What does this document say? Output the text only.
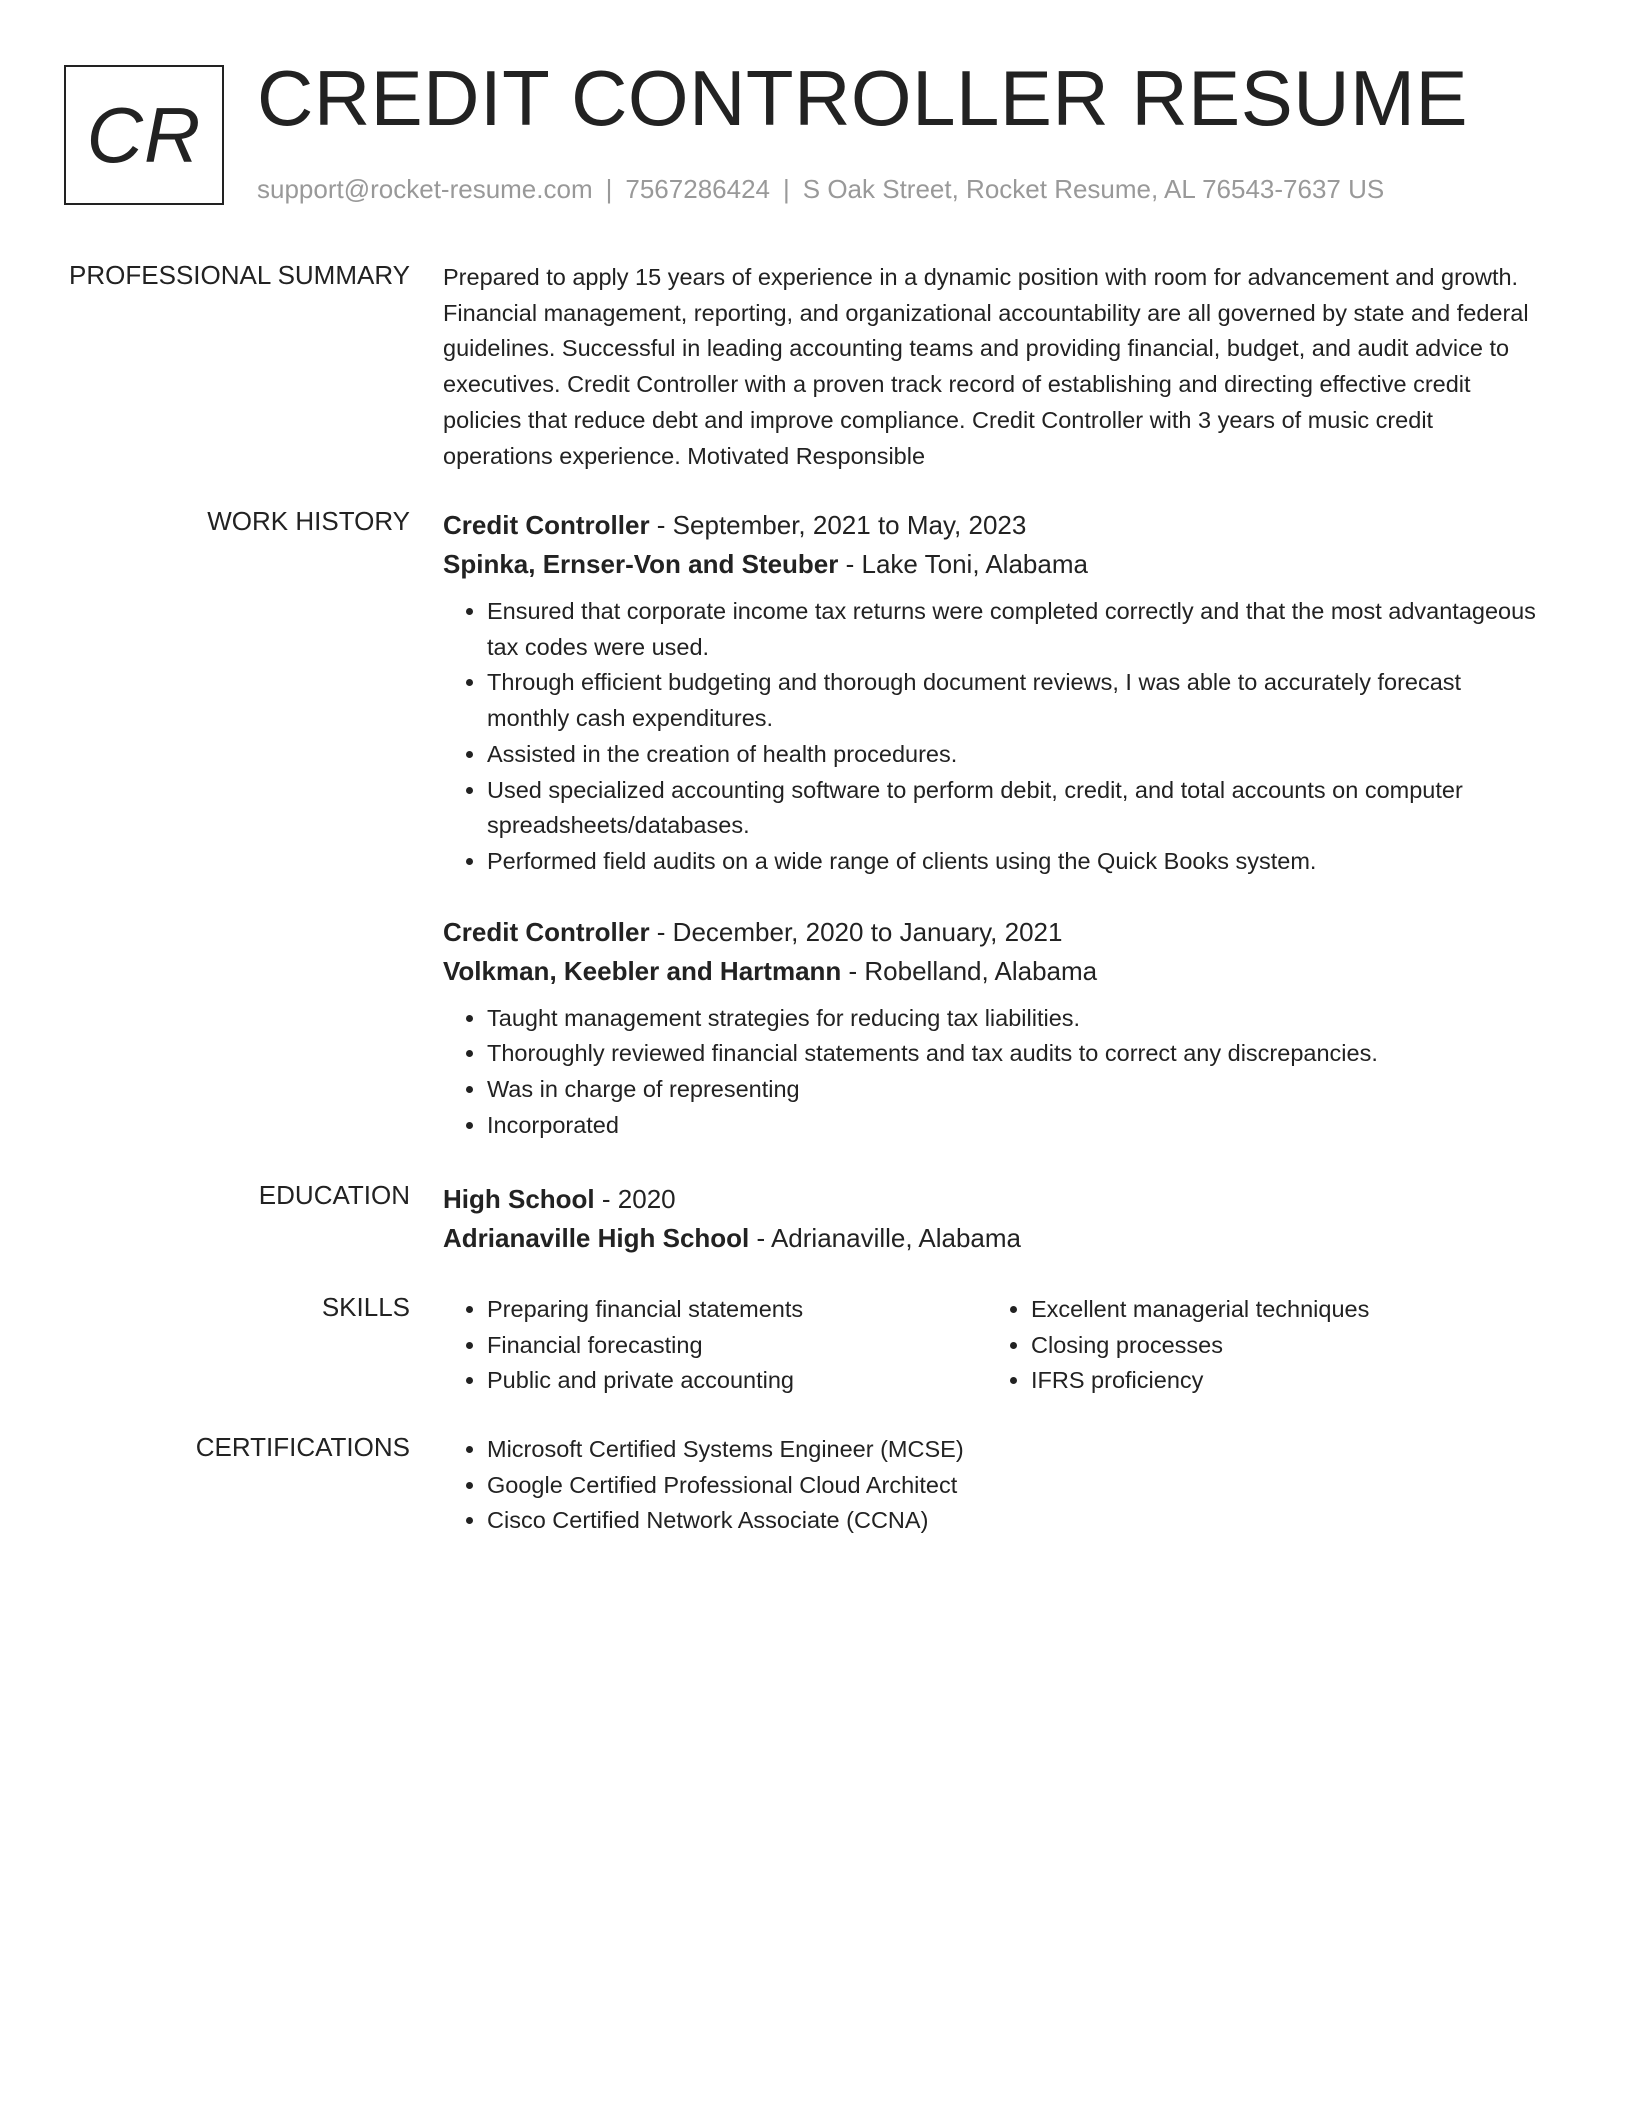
CR CREDIT CONTROLLER RESUME
support@rocket-resume.com | 7567286424 | S Oak Street, Rocket Resume, AL 76543-7637 US
PROFESSIONAL SUMMARY Prepared to apply 15 years of experience in a dynamic position with room for advancement and growth. Financial management, reporting, and organizational accountability are all governed by state and federal guidelines. Successful in leading accounting teams and providing financial, budget, and audit advice to executives. Credit Controller with a proven track record of establishing and directing effective credit policies that reduce debt and improve compliance. Credit Controller with 3 years of music credit operations experience. Motivated Responsible

WORK HISTORY Credit Controller - September, 2021 to May, 2023
Spinka, Ernser-Von and Steuber - Lake Toni, Alabama
• Ensured that corporate income tax returns were completed correctly and that the most advantageous tax codes were used.
• Through efficient budgeting and thorough document reviews, I was able to accurately forecast monthly cash expenditures.
• Assisted in the creation of health procedures.
• Used specialized accounting software to perform debit, credit, and total accounts on computer spreadsheets/databases.
• Performed field audits on a wide range of clients using the Quick Books system.
Credit Controller - December, 2020 to January, 2021
Volkman, Keebler and Hartmann - Robelland, Alabama
• Taught management strategies for reducing tax liabilities.
• Thoroughly reviewed financial statements and tax audits to correct any discrepancies.
• Was in charge of representing
• Incorporated
EDUCATION High School - 2020
Adrianaville High School - Adrianaville, Alabama
SKILLS	• Preparing financial statements
• Financial forecasting
• Public and private accounting
• Excellent managerial techniques
• Closing processes
• IFRS proficiency
CERTIFICATIONS	• Microsoft Certified Systems Engineer (MCSE)
• Google Certified Professional Cloud Architect
• Cisco Certified Network Associate (CCNA)
